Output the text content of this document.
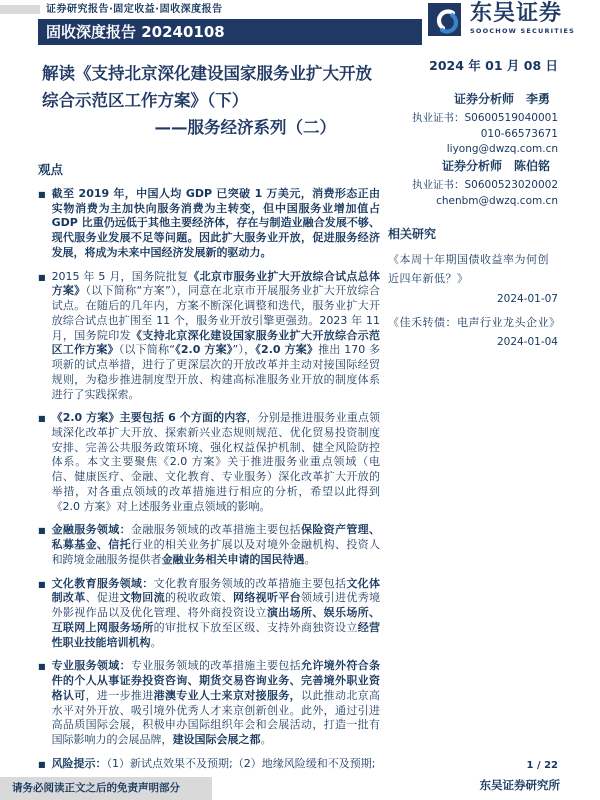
证券研究报告·固定收益·固收深度报告
固收深度报告 20240108
东吴证券
SOOCHOW SECURITIES
解读《支持北京深化建设国家服务业扩大开放综合示范区工作方案》（下）
——服务经济系列（二）
2024 年 01 月 08 日
证券分析师 李勇
执业证书：S0600519040001
010-66573671
liyong@dwzq.com.cn
证券分析师 陈伯铭
执业证书：S0600523020002
chenbm@dwzq.com.cn
相关研究
《本周十年期国债收益率为何创近四年新低？》
2024-01-07
《佳禾转债：电声行业龙头企业》
2024-01-04
观点
■ 截至 2019 年，中国人均 GDP 已突破 1 万美元，消费形态正由实物消费为主加快向服务消费为主转变，但中国服务业增加值占 GDP 比重仍远低于其他主要经济体，存在与制造业融合发展不够、现代服务业发展不足等问题。因此扩大服务业开放，促进服务经济发展，将成为未来中国经济发展新的驱动力。
■ 2015 年 5 月，国务院批复《北京市服务业扩大开放综合试点总体方案》（以下简称“方案”），同意在北京市开展服务业扩大开放综合试点。在随后的几年内，方案不断深化调整和迭代，服务业扩大开放综合试点也扩围至 11 个，服务业开放引擎更强劲。2023 年 11 月，国务院印发《支持北京深化建设国家服务业扩大开放综合示范区工作方案》（以下简称“《2.0 方案》”），《2.0 方案》推出 170 多项新的试点举措，进行了更深层次的开放改革并主动对接国际经贸规则，为稳步推进制度型开放、构建高标准服务业开放的制度体系进行了实践探索。
■ 《2.0 方案》主要包括 6 个方面的内容，分别是推进服务业重点领域深化改革扩大开放、探索新兴业态规则规范、优化贸易投资制度安排、完善公共服务政策环境、强化权益保护机制、健全风险防控体系。本文主要聚焦《2.0 方案》关于推进服务业重点领域（电信、健康医疗、金融、文化教育、专业服务）深化改革扩大开放的举措，对各重点领域的改革措施进行相应的分析，希望以此得到《2.0 方案》对上述服务业重点领域的影响。
■ 金融服务领域：金融服务领域的改革措施主要包括保险资产管理、私募基金、信托行业的相关业务扩展以及对境外金融机构、投资人和跨境金融服务提供者金融业务相关申请的国民待遇。
■ 文化教育服务领域：文化教育服务领域的改革措施主要包括文化体制改革、促进文物回流的税收政策、网络视听平台领域引进优秀境外影视作品以及优化管理、将外商投资设立演出场所、娱乐场所、互联网上网服务场所的审批权下放至区级、支持外商独资设立经营性职业技能培训机构。
■ 专业服务领域：专业服务领域的改革措施主要包括允许境外符合条件的个人从事证券投资咨询、期货交易咨询业务、完善境外职业资格认可，进一步推进港澳专业人士来京对接服务，以此推动北京高水平对外开放、吸引境外优秀人才来京创新创业。此外，通过引进高品质国际会展，积极申办国际组织年会和会展活动，打造一批有国际影响力的会展品牌，建设国际会展之都。
■ 风险提示：（1）新试点效果不及预期;（2）地缘风险缓和不及预期;	1 / 22
东吴证券研究所
请务必阅读正文之后的免责声明部分
